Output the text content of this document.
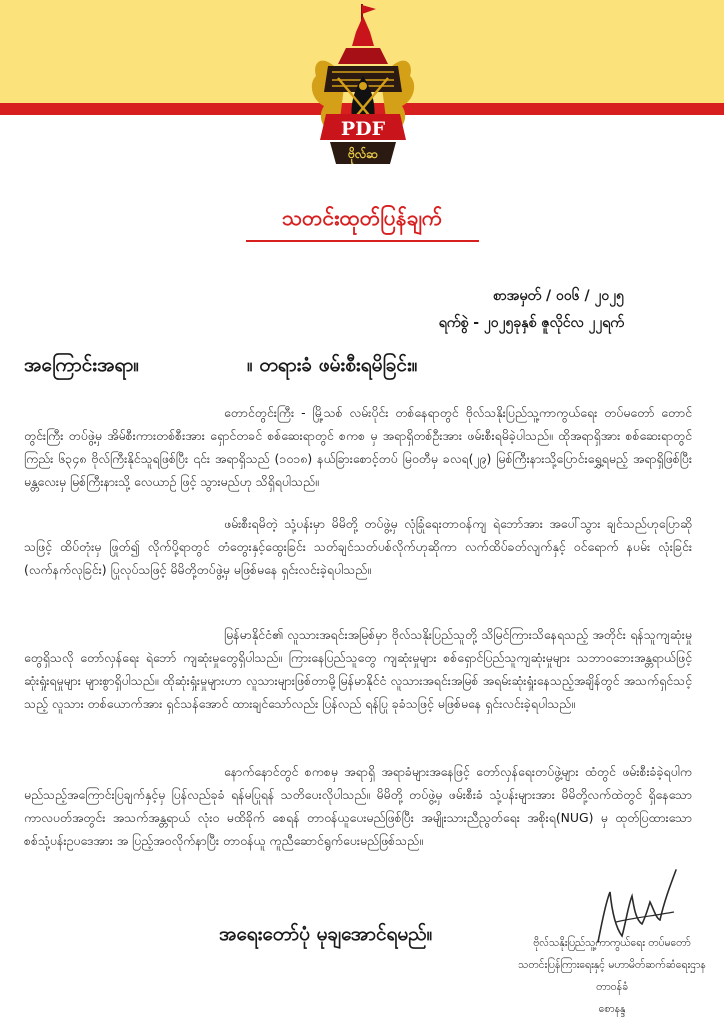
PDF
ဗိုလ်ဆ
သတင်းထုတ်ပြန်ချက်
စာအမှတ် / ၀၀၆ / ၂၀၂၅
ရက်စွဲ - ၂၀၂၅ခုနှစ် ဇူလိုင်လ ၂၂ရက်
အကြောင်းအရာ။	။ တရားခံ ဖမ်းစီးရမိခြင်း။

တောင်တွင်းကြီး - မြို့သစ် လမ်းပိုင်း တစ်နေရာတွင် ဗိုလ်သနိုးပြည်သူ့ကာကွယ်ရေး တပ်မတော် တောင်တွင်းကြီး တပ်ဖွဲ့မှ အိမ်စီးကားတစ်စီးအား ရှောင်တခင် စစ်ဆေးရာတွင် စကစ မှ အရာရှိတစ်ဦးအား ဖမ်းစီးရမိခဲ့ပါသည်။ ထိုအရာရှိအား စစ်ဆေးရာတွင် ကြည်း ၆၃၄၈ ဗိုလ်ကြီးနိုင်သူရဖြစ်ပြီး ၎င်း အရာရှိသည် (၁၀၁၈) နယ်ခြားစောင့်တပ် မြဝတီမှ ခလရ(၂၉) မြစ်ကြီးနားသို့ပြောင်းရွှေ့ရမည့် အရာရှိဖြစ်ပြီး မန္တလေးမှ မြစ်ကြီးနားသို့ လေယာဉ် ဖြင့် သွားမည်ဟု သိရှိရပါသည်။

ဖမ်းစီးရမိတဲ့ သုံ့ပန်းမှာ မိမိတို့ တပ်ဖွဲ့မှ လုံခြုံရေးတာဝန်ကျ ရဲဘော်အား အပေါ်သွား ချင်သည်ဟုပြောဆိုသဖြင့် ထိပ်တုံးမှ ဖြုတ်၍ လိုက်ပို့ရာတွင် တံတွေးနှင့်ထွေးခြင်း သတ်ချင်သတ်ပစ်လိုက်ဟုဆိုကာ လက်ထိပ်ခတ်လျက်နှင့် ဝင်ရောက် နပမ်း လုံးခြင်း (လက်နက်လုခြင်း) ပြုလုပ်သဖြင့် မိမိတို့တပ်ဖွဲ့မှ မဖြစ်မနေ ရှင်းလင်းခဲ့ရပါသည်။

မြန်မာနိုင်ငံ၏ လူသားအရင်းအမြစ်မှာ ဗိုလ်သနိုးပြည်သူတို့ သိမြင်ကြားသိနေရသည့် အတိုင်း ရန်သူကျဆုံးမှုတွေရှိသလို တော်လှန်ရေး ရဲဘော် ကျဆုံးမှုတွေရှိပါသည်။ ကြားနေပြည်သူတွေ ကျဆုံးမှုများ စစ်ရှောင်ပြည်သူကျဆုံးမှုများ သဘာဝဘေးအန္တရာယ်ဖြင့် ဆုံးရှုံးရမှုများ များစွာရှိပါသည်။ ထိုဆုံးရှုံးမှုများဟာ လူသားများဖြစ်တာမို့မြန်မာနိုင်ငံ လူသားအရင်းအမြစ် အရမ်းဆုံးရှုံးနေသည့်အချိန်တွင် အသက်ရှင်သင့်သည့် လူသား တစ်ယောက်အား ရှင်သန်အောင် ထားချင်သော်လည်း ပြန်လည် ရန်ပြု ခုခံသဖြင့် မဖြစ်မနေ ရှင်းလင်းခဲ့ရပါသည်။

နောက်နောင်တွင် စကစမှ အရာရှိ အရာခံများအနေဖြင့် တော်လှန်ရေးတပ်ဖွဲ့များ ထံတွင် ဖမ်းစီးခံခဲ့ရပါက မည်သည့်အကြောင်းပြချက်နှင့်မှ ပြန်လည်ခုခံ ရန်မပြုရန် သတိပေးလိုပါသည်။ မိမိတို့ တပ်ဖွဲ့မှ ဖမ်းစီးခံ သုံ့ပန်းများအား မိမိတို့လက်ထဲတွင် ရှိနေသော ကာလပတ်အတွင်း အသက်အန္တရာယ် လုံးဝ မထိခိုက် စေရန် တာဝန်ယူပေးမည်ဖြစ်ပြီး အမျိုးသားညီညွတ်ရေး အစိုးရ(NUG) မှ ထုတ်ပြထားသော စစ်သုံ့ပန်းဥပဒေအား အ ပြည့်အဝလိုက်နာပြီး တာဝန်ယူ ကူညီဆောင်ရွက်ပေးမည်ဖြစ်သည်။

အရေးတော်ပုံ မုချအောင်ရမည်။	ဗိုလ်သနိုးပြည်သူ့ကာကွယ်ရေး တပ်မတော်
သတင်းပြန်ကြားရေးနှင့် မဟာမိတ်ဆက်ဆံရေးဌာန
တာဝန်ခံ
စောနန္ဒ
